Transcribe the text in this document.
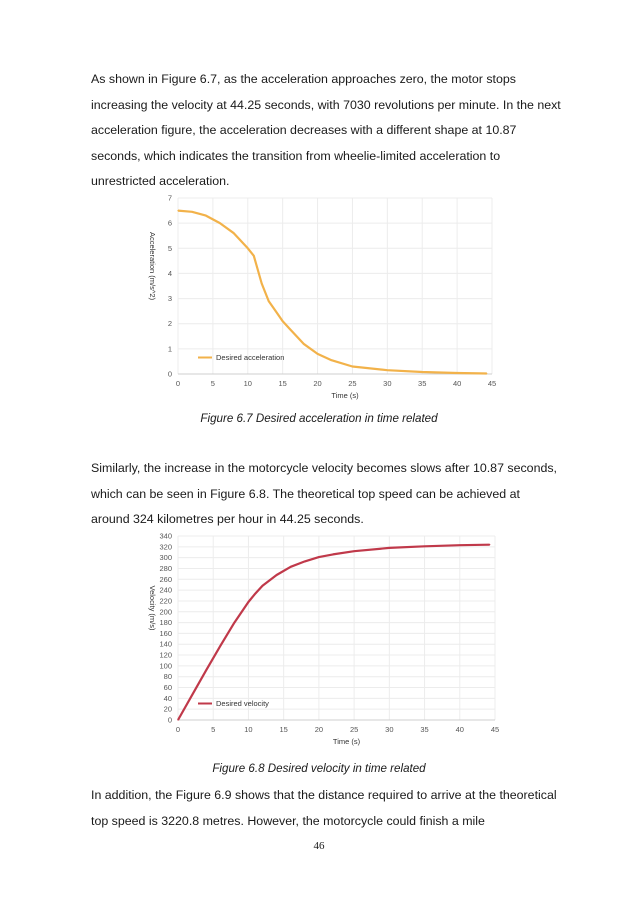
As shown in Figure 6.7, as the acceleration approaches zero, the motor stops increasing the velocity at 44.25 seconds, with 7030 revolutions per minute. In the next acceleration figure, the acceleration decreases with a different shape at 10.87 seconds, which indicates the transition from wheelie-limited acceleration to unrestricted acceleration.

0	5	10	15	20	25	30	35	40	45
0
1
2
3
4
5
6
7
Time (s)
Acceleration (m/s^2)
Desired acceleration

Figure 6.7 Desired acceleration in time related

Similarly, the increase in the motorcycle velocity becomes slows after 10.87 seconds, which can be seen in Figure 6.8. The theoretical top speed can be achieved at around 324 kilometres per hour in 44.25 seconds.

0	5	10	15	20	25	30	35	40	45
0
20
40
60
80
100
120
140
160
180
200
220
240
260
280
300
320
340
Time (s)
Velocity (m/s)
Desired velocity

Figure 6.8 Desired velocity in time related

In addition, the Figure 6.9 shows that the distance required to arrive at the theoretical top speed is 3220.8 metres. However, the motorcycle could finish a mile

46
